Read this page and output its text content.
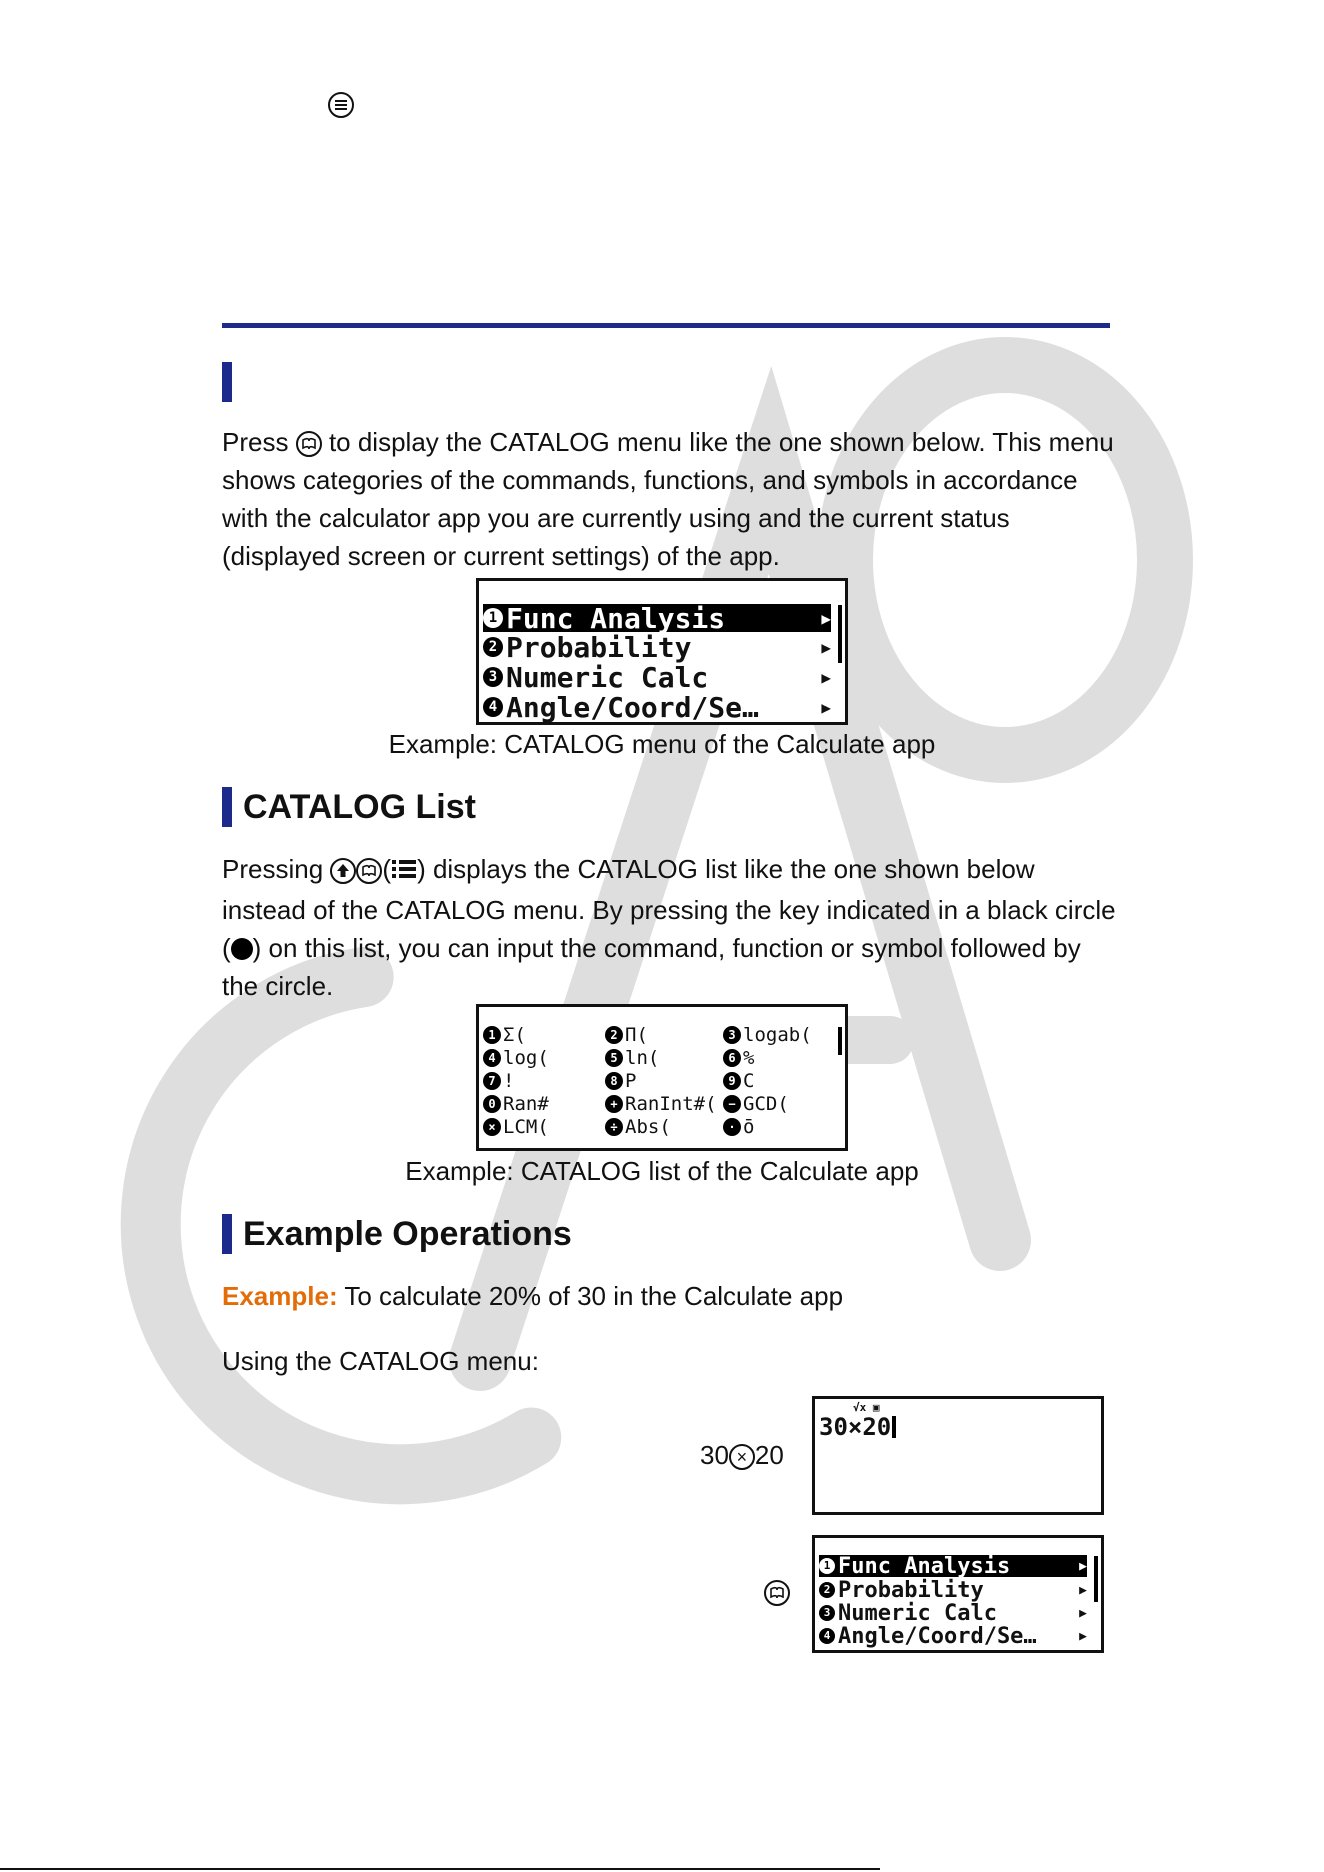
Press to display the CATALOG menu like the one shown below. This menu shows categories of the commands, functions, and symbols in accordance with the calculator app you are currently using and the current status (displayed screen or current settings) of the app.

1 Func Analysis	▶
2 Probability	▶
3 Numeric Calc	▶
4 Angle/Coord/Se…	▶
Example: CATALOG menu of the Calculate app
CATALOG List

Pressing ( ) displays the CATALOG list like the one shown below instead of the CATALOG menu. By pressing the key indicated in a black circle ( ) on this list, you can input the command, function or symbol followed by the circle.

1 Σ(	2 Π(	3 logab(
4 log(	5 ln(	6 %
7 !	8 P	9 C
0 Ran#	+ RanInt#( − GCD(
× LCM(	÷ Abs(	· ō
Example: CATALOG list of the Calculate app
Example Operations
Example: To calculate 20% of 30 in the Calculate app
Using the CATALOG menu:
30 × 20
√x ▣
30×20
1 Func Analysis	▶
2 Probability	▶
3 Numeric Calc	▶
4 Angle/Coord/Se…	▶
